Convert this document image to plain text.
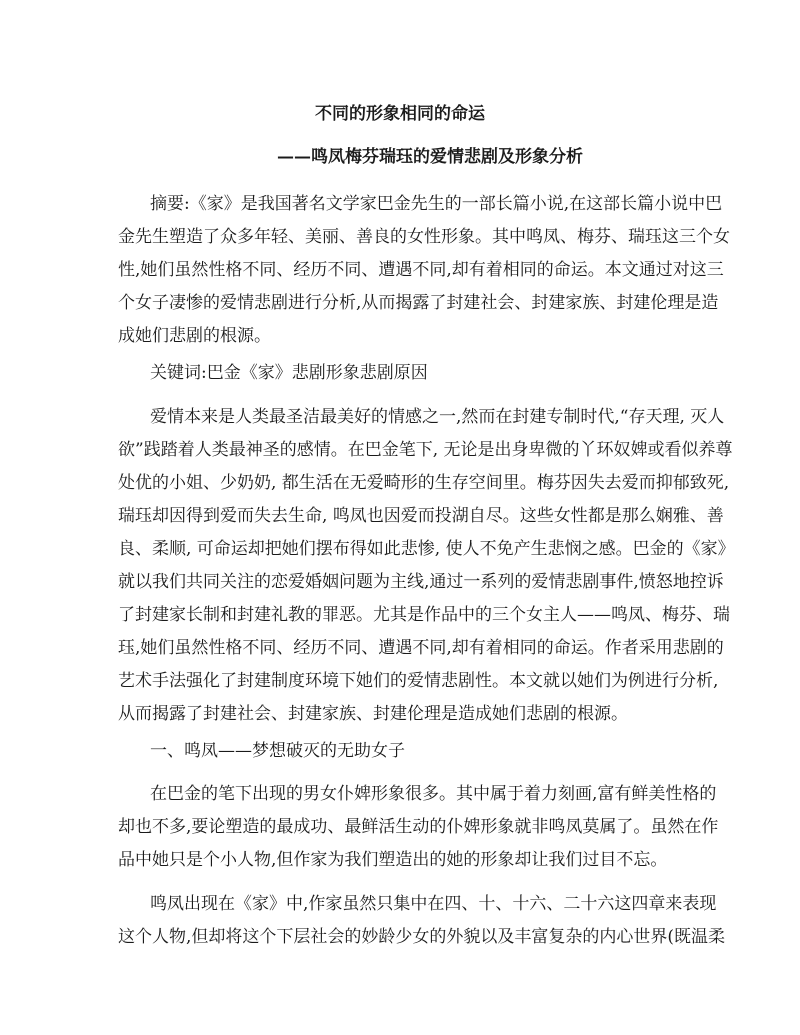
不同的形象相同的命运
——鸣凤梅芬瑞珏的爱情悲剧及形象分析
摘要:《家》是我国著名文学家巴金先生的一部长篇小说,在这部长篇小说中巴
金先生塑造了众多年轻、美丽、善良的女性形象。其中鸣凤、梅芬、瑞珏这三个女
性,她们虽然性格不同、经历不同、遭遇不同,却有着相同的命运。本文通过对这三
个女子凄惨的爱情悲剧进行分析,从而揭露了封建社会、封建家族、封建伦理是造
成她们悲剧的根源。
关键词:巴金《家》悲剧形象悲剧原因
爱情本来是人类最圣洁最美好的情感之一,然而在封建专制时代,“存天理, 灭人
欲”践踏着人类最神圣的感情。在巴金笔下, 无论是出身卑微的丫环奴婢或看似养尊
处优的小姐、少奶奶, 都生活在无爱畸形的生存空间里。梅芬因失去爱而抑郁致死,
瑞珏却因得到爱而失去生命, 鸣凤也因爱而投湖自尽。这些女性都是那么娴雅、善
良、柔顺, 可命运却把她们摆布得如此悲惨, 使人不免产生悲悯之感。巴金的《家》
就以我们共同关注的恋爱婚姻问题为主线,通过一系列的爱情悲剧事件,愤怒地控诉
了封建家长制和封建礼教的罪恶。尤其是作品中的三个女主人——鸣凤、梅芬、瑞
珏,她们虽然性格不同、经历不同、遭遇不同,却有着相同的命运。作者采用悲剧的
艺术手法强化了封建制度环境下她们的爱情悲剧性。本文就以她们为例进行分析,
从而揭露了封建社会、封建家族、封建伦理是造成她们悲剧的根源。
一、鸣凤——梦想破灭的无助女子
在巴金的笔下出现的男女仆婢形象很多。其中属于着力刻画,富有鲜美性格的
却也不多,要论塑造的最成功、最鲜活生动的仆婢形象就非鸣凤莫属了。虽然在作
品中她只是个小人物,但作家为我们塑造出的她的形象却让我们过目不忘。
鸣凤出现在《家》中,作家虽然只集中在四、十、十六、二十六这四章来表现
这个人物,但却将这个下层社会的妙龄少女的外貌以及丰富复杂的内心世界(既温柔
